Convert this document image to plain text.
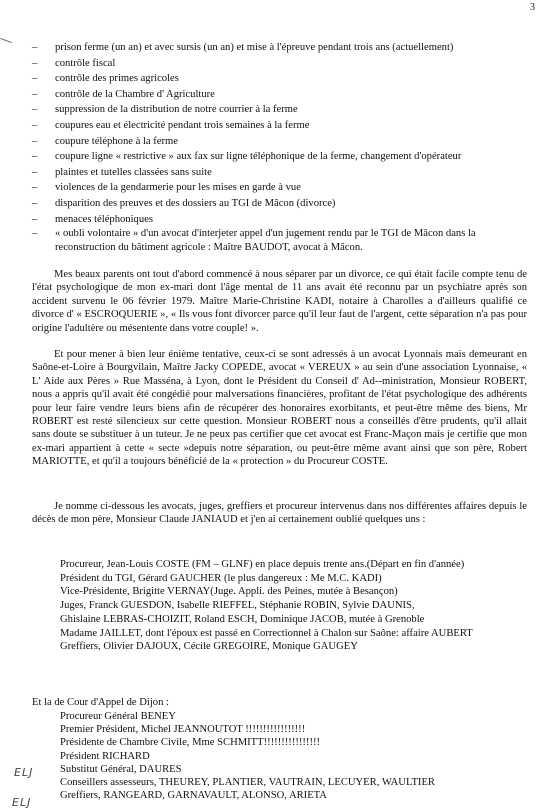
3
– prison ferme (un an) et avec sursis (un an) et mise à l'épreuve pendant trois ans (actuellement)
– contrôle fiscal
– contrôle des primes agricoles
– contrôle de la Chambre d' Agriculture
– suppression de la distribution de notre courrier à la ferme
– coupures eau et électricité pendant trois semaines à la ferme
– coupure téléphone à la ferme
– coupure ligne « restrictive » aux fax sur ligne téléphonique de la ferme, changement d'opérateur
– plaintes et tutelles classées sans suite
– violences de la gendarmerie pour les mises en garde à vue
– disparition des preuves et des dossiers au TGI de Mâcon (divorce)
– menaces téléphoniques
– « oubli volontaire » d'un avocat d'interjeter appel d'un jugement rendu par le TGI de Mâcon dans la reconstruction du bâtiment agricole : Maître BAUDOT, avocat à Mâcon.

Mes beaux parents ont tout d'abord commencé à nous séparer par un divorce, ce qui était facile compte tenu de l'état psychologique de mon ex-mari dont l'âge mental de 11 ans avait été reconnu par un psychiatre après son accident survenu le 06 février 1979. Maître Marie-Christine KADI, notaire à Charolles a d'ailleurs qualifié ce divorce d' « ESCROQUERIE », « Ils vous font divorcer parce qu'il leur faut de l'argent, cette séparation n'a pas pour origine l'adultère ou mésentente dans votre couple! ».

Et pour mener à bien leur énième tentative, ceux-ci se sont adressés à un avocat Lyonnais mais demeurant en Saône-et-Loire à Bourgvilain, Maître Jacky COPEDE, avocat « VEREUX » au sein d'une association Lyonnaise, « L' Aide aux Pères » Rue Masséna, à Lyon, dont le Président du Conseil d' Ad--ministration, Monsieur ROBERT, nous a appris qu'il avait été congédié pour malversations financières, profitant de l'état psychologique des adhérents pour leur faire vendre leurs biens afin de récupérer des honoraires exorbitants, et peut-être même des biens, Mr ROBERT est resté silencieux sur cette question. Monsieur ROBERT nous a conseillés d'être prudents, qu'il allait sans doute se substituer à un tuteur. Je ne peux pas certifier que cet avocat est Franc-Maçon mais je certifie que mon ex-mari appartient à cette « secte »depuis notre séparation, ou peut-être même avant ainsi que son père, Robert MARIOTTE, et qu'il a toujours bénéficié de la « protection » du Procureur COSTE.

Je nomme ci-dessous les avocats, juges, greffiers et procureur intervenus dans nos différentes affaires depuis le décès de mon père, Monsieur Claude JANIAUD et j'en ai certainement oublié quelques uns :

Procureur, Jean-Louis COSTE (FM – GLNF) en place depuis trente ans.(Départ en fin d'année)
Président du TGI, Gérard GAUCHER (le plus dangereux : Me M.C. KADI)
Vice-Présidente, Brigitte VERNAY(Juge. Appli. des Peines, mutée à Besançon)
Juges, Franck GUESDON, Isabelle RIEFFEL, Stéphanie ROBIN, Sylvie DAUNIS,
Ghislaine LEBRAS-CHOIZIT, Roland ESCH, Dominique JACOB, mutée à Grenoble
Madame JAILLET, dont l'époux est passé en Correctionnel à Chalon sur Saône: affaire AUBERT
Greffiers, Olivier DAJOUX, Cécile GREGOIRE, Monique GAUGEY
Et la de Cour d'Appel de Dijon :
Procureur Général BENEY
Premier Président, Michel JEANNOUTOT !!!!!!!!!!!!!!!!!
Présidente de Chambre Civile, Mme SCHMITT!!!!!!!!!!!!!!!!
Président RICHARD
Substitut Général, DAURES
Conseillers assesseurs, THEUREY, PLANTIER, VAUTRAIN, LECUYER, WAULTIER
Greffiers, RANGEARD, GARNAVAULT, ALONSO, ARIETA
ELJ
ELJ
